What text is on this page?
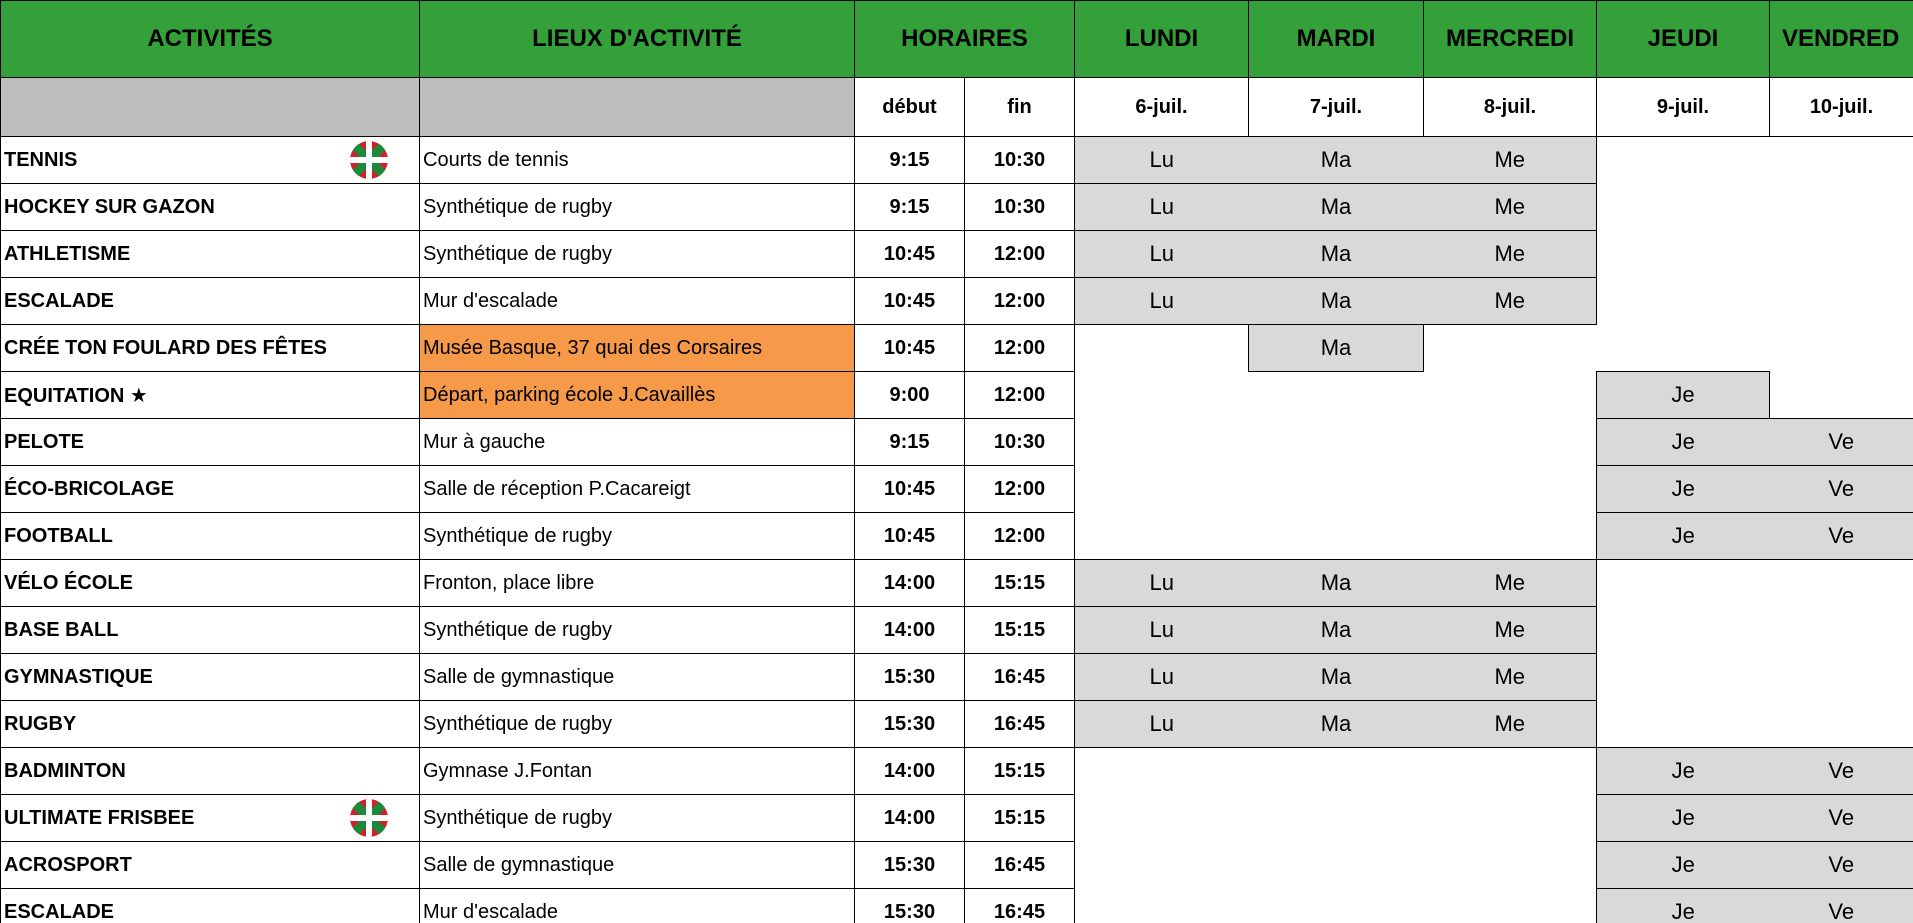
ACTIVITÉS	LIEUX D'ACTIVITÉ	HORAIRES		LUNDI	MARDI	MERCREDI	JEUDI	VENDRED
		début	fin	6-juil.	7-juil.	8-juil.	9-juil.	10-juil.
TENNIS	Courts de tennis	9:15	10:30	Lu	Ma	Me		
HOCKEY SUR GAZON	Synthétique de rugby	9:15	10:30	Lu	Ma	Me		
ATHLETISME	Synthétique de rugby	10:45	12:00	Lu	Ma	Me		
ESCALADE	Mur d'escalade	10:45	12:00	Lu	Ma	Me		
CRÉE TON FOULARD DES FÊTES	Musée Basque, 37 quai des Corsaires	10:45	12:00		Ma			
EQUITATION ★	Départ, parking école J.Cavaillès	9:00	12:00				Je	
PELOTE	Mur à gauche	9:15	10:30				Je	Ve
ÉCO-BRICOLAGE	Salle de réception P.Cacareigt	10:45	12:00				Je	Ve
FOOTBALL	Synthétique de rugby	10:45	12:00				Je	Ve
VÉLO ÉCOLE	Fronton, place libre	14:00	15:15	Lu	Ma	Me		
BASE BALL	Synthétique de rugby	14:00	15:15	Lu	Ma	Me		
GYMNASTIQUE	Salle de gymnastique	15:30	16:45	Lu	Ma	Me		
RUGBY	Synthétique de rugby	15:30	16:45	Lu	Ma	Me		
BADMINTON	Gymnase J.Fontan	14:00	15:15				Je	Ve
ULTIMATE FRISBEE	Synthétique de rugby	14:00	15:15				Je	Ve
ACROSPORT	Salle de gymnastique	15:30	16:45				Je	Ve
ESCALADE	Mur d'escalade	15:30	16:45				Je	Ve
